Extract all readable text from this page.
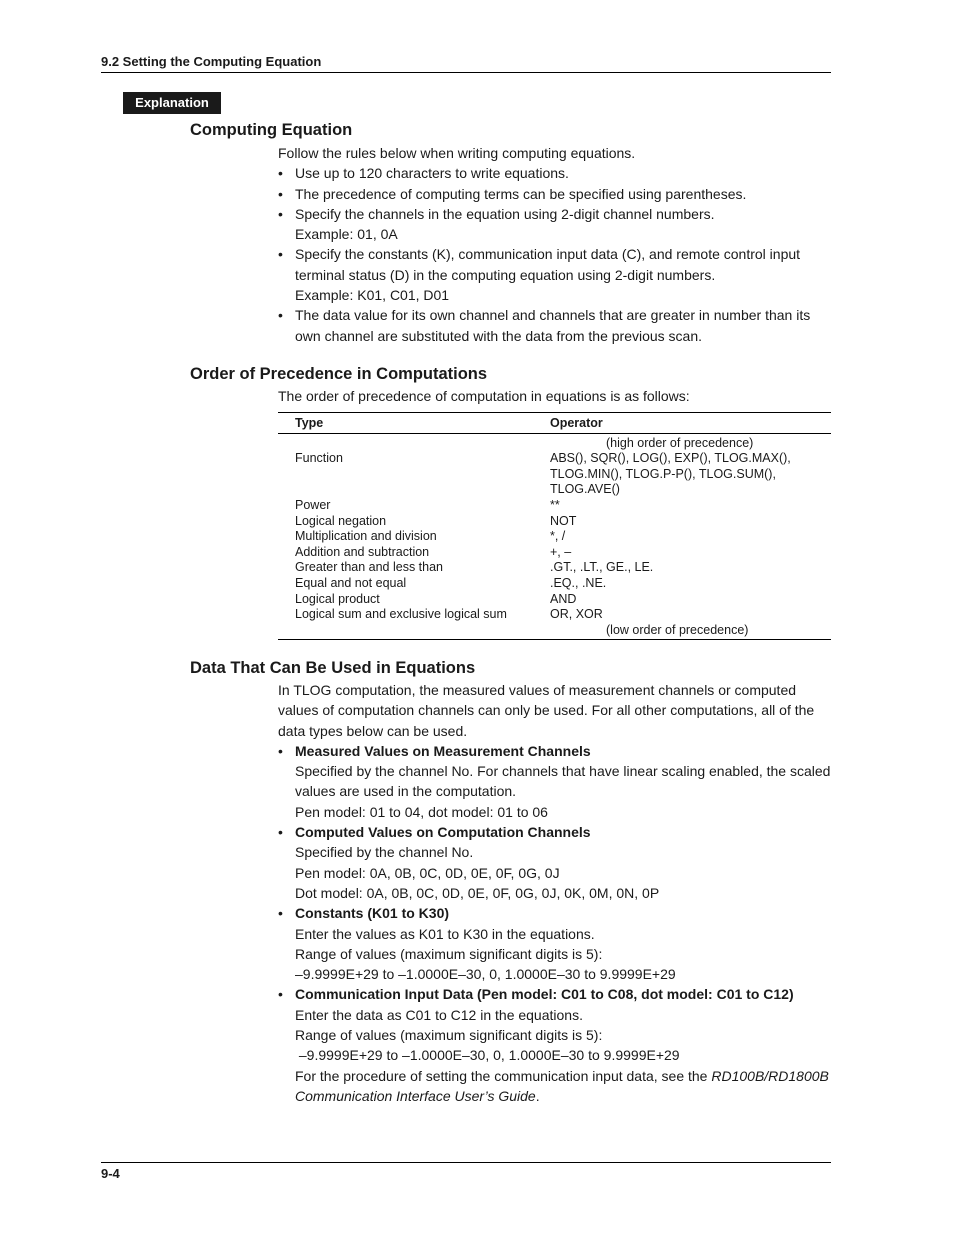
9.2 Setting the Computing Equation
Explanation
Computing Equation

Follow the rules below when writing computing equations.

• Use up to 120 characters to write equations.
• The precedence of computing terms can be specified using parentheses.
• Specify the channels in the equation using 2-digit channel numbers.
Example: 01, 0A
• Specify the constants (K), communication input data (C), and remote control input terminal status (D) in the computing equation using 2-digit numbers.
Example: K01, C01, D01
• The data value for its own channel and channels that are greater in number than its own channel are substituted with the data from the previous scan.
Order of Precedence in Computations
The order of precedence of computation in equations is as follows:
Type	Operator
	(high order of precedence)
Function	ABS(), SQR(), LOG(), EXP(), TLOG.MAX(), TLOG.MIN(), TLOG.P-P(), TLOG.SUM(), TLOG.AVE()
Power	**
Logical negation	NOT
Multiplication and division	*, /
Addition and subtraction	+, –
Greater than and less than	.GT., .LT., GE., LE.
Equal and not equal	.EQ., .NE.
Logical product	AND
Logical sum and exclusive logical sum	OR, XOR
	(low order of precedence)
Data That Can Be Used in Equations

In TLOG computation, the measured values of measurement channels or computed values of computation channels can only be used. For all other computations, all of the data types below can be used.

• Measured Values on Measurement Channels
Specified by the channel No. For channels that have linear scaling enabled, the scaled values are used in the computation.
Pen model: 01 to 04, dot model: 01 to 06
• Computed Values on Computation Channels
Specified by the channel No.
Pen model: 0A, 0B, 0C, 0D, 0E, 0F, 0G, 0J
Dot model: 0A, 0B, 0C, 0D, 0E, 0F, 0G, 0J, 0K, 0M, 0N, 0P
• Constants (K01 to K30)
Enter the values as K01 to K30 in the equations.
Range of values (maximum significant digits is 5):
–9.9999E+29 to –1.0000E–30, 0, 1.0000E–30 to 9.9999E+29
• Communication Input Data (Pen model: C01 to C08, dot model: C01 to C12)
Enter the data as C01 to C12 in the equations.
Range of values (maximum significant digits is 5):
–9.9999E+29 to –1.0000E–30, 0, 1.0000E–30 to 9.9999E+29
For the procedure of setting the communication input data, see the RD100B/RD1800B Communication Interface User’s Guide.
9-4
